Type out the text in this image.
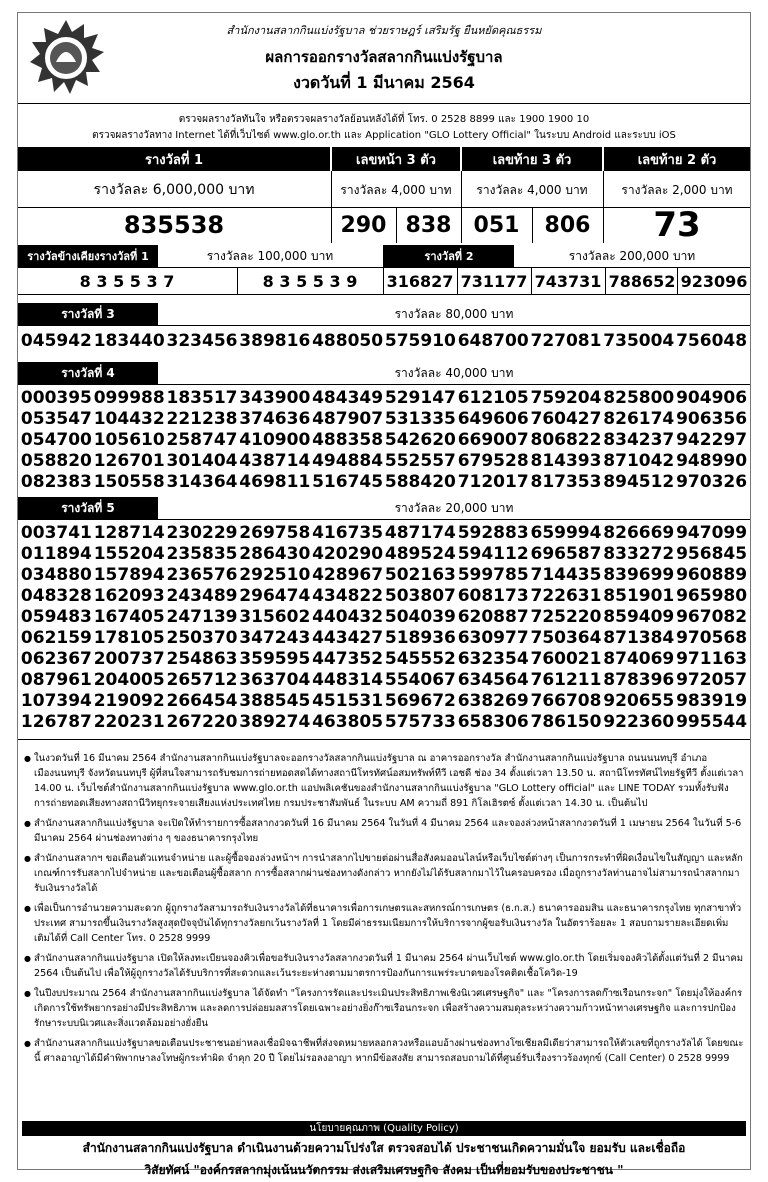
สำนักงานสลากกินแบ่งรัฐบาล ช่วยราษฎร์ เสริมรัฐ ยืนหยัดคุณธรรม
ผลการออกรางวัลสลากกินแบ่งรัฐบาล
งวดวันที่ 1 มีนาคม 2564
ตรวจผลรางวัลทันใจ หรือตรวจผลรางวัลย้อนหลังได้ที่ โทร. 0 2528 8899 และ 1900 1900 10
ตรวจผลรางวัลทาง Internet ได้ที่เว็บไซต์ www.glo.or.th และ Application "GLO Lottery Official" ในระบบ Android และระบบ iOS
รางวัลที่ 1	เลขหน้า 3 ตัว	เลขท้าย 3 ตัว	เลขท้าย 2 ตัว
รางวัลละ 6,000,000 บาท	รางวัลละ 4,000 บาท	รางวัลละ 4,000 บาท	รางวัลละ 2,000 บาท
835538	290 838	051	806	73
รางวัลข้างเคียงรางวัลที่ 1	รางวัลละ 100,000 บาท	รางวัลที่ 2	รางวัลละ 200,000 บาท
8 3 5 5 3 7	8 3 5 5 3 9	316827 731177 743731 788652 923096
รางวัลที่ 3	รางวัลละ 80,000 บาท
045942 183440 323456 389816 488050 575910 648700 727081 735004 756048
รางวัลที่ 4	รางวัลละ 40,000 บาท
000395 099988 183517 343900 484349 529147 612105 759204 825800 904906
053547 104432 221238 374636 487907 531335 649606 760427 826174 906356
054700 105610 258747 410900 488358 542620 669007 806822 834237 942297
058820 126701 301404 438714 494884 552557 679528 814393 871042 948990
082383 150558 314364 469811 516745 588420 712017 817353 894512 970326
รางวัลที่ 5	รางวัลละ 20,000 บาท
003741 128714 230229 269758 416735 487174 592883 659994 826669 947099
011894 155204 235835 286430 420290 489524 594112 696587 833272 956845
034880 157894 236576 292510 428967 502163 599785 714435 839699 960889
048328 162093 243489 296474 434822 503807 608173 722631 851901 965980
059483 167405 247139 315602 440432 504039 620887 725220 859409 967082
062159 178105 250370 347243 443427 518936 630977 750364 871384 970568
062367 200737 254863 359595 447352 545552 632354 760021 874069 971163
087961 204005 265712 363704 448314 554067 634564 761211 878396 972057
107394 219092 266454 388545 451531 569672 638269 766708 920655 983919
126787 220231 267220 389274 463805 575733 658306 786150 922360 995544
● ในงวดวันที่ 16 มีนาคม 2564 สำนักงานสลากกินแบ่งรัฐบาลจะออกรางวัลสลากกินแบ่งรัฐบาล ณ อาคารออกรางวัล สำนักงานสลากกินแบ่งรัฐบาล ถนนนนทบุรี อำเภอเมืองนนทบุรี จังหวัดนนทบุรี ผู้ที่สนใจสามารถรับชมการถ่ายทอดสดได้ทางสถานีโทรทัศน์อสมทรัพท์ทีวี เอชดี ช่อง 34 ตั้งแต่เวลา 13.50 น. สถานีโทรทัศน์ไทยรัฐทีวี ตั้งแต่เวลา 14.00 น. เว็บไซต์สำนักงานสลากกินแบ่งรัฐบาล www.glo.or.th แอปพลิเคชันของสำนักงานสลากกินแบ่งรัฐบาล "GLO Lottery official" และ LINE TODAY รวมทั้งรับฟังการถ่ายทอดเสียงทางสถานีวิทยุกระจายเสียงแห่งประเทศไทย กรมประชาสัมพันธ์ ในระบบ AM ความถี่ 891 กิโลเฮิรตซ์ ตั้งแต่เวลา 14.30 น. เป็นต้นไป
● สำนักงานสลากกินแบ่งรัฐบาล จะเปิดให้ทำรายการซื้อสลากงวดวันที่ 16 มีนาคม 2564 ในวันที่ 4 มีนาคม 2564 และจองล่วงหน้าสลากงวดวันที่ 1 เมษายน 2564 ในวันที่ 5-6 มีนาคม 2564 ผ่านช่องทางต่าง ๆ ของธนาคารกรุงไทย
● สำนักงานสลากฯ ขอเตือนตัวแทนจำหน่าย และผู้ซื้อจองล่วงหน้าฯ การนำสลากไปขายต่อผ่านสื่อสังคมออนไลน์หรือเว็บไซต์ต่างๆ เป็นการกระทำที่ผิดเงื่อนไขในสัญญา และหลักเกณฑ์การรับสลากไปจำหน่าย และขอเตือนผู้ซื้อสลาก การซื้อสลากผ่านช่องทางดังกล่าว หากยังไม่ได้รับสลากมาไว้ในครอบครอง เมื่อถูกรางวัลท่านอาจไม่สามารถนำสลากมารับเงินรางวัลได้
● เพื่อเป็นการอำนวยความสะดวก ผู้ถูกรางวัลสามารถรับเงินรางวัลได้ที่ธนาคารเพื่อการเกษตรและสหกรณ์การเกษตร (ธ.ก.ส.) ธนาคารออมสิน และธนาคารกรุงไทย ทุกสาขาทั่วประเทศ สามารถขึ้นเงินรางวัลสูงสุดปัจจุบันได้ทุกรางวัลยกเว้นรางวัลที่ 1 โดยมีค่าธรรมเนียมการให้บริการจากผู้ขอรับเงินรางวัล ในอัตราร้อยละ 1 สอบถามรายละเอียดเพิ่มเติมได้ที่ Call Center โทร. 0 2528 9999
● สำนักงานสลากกินแบ่งรัฐบาล เปิดให้ลงทะเบียนจองคิวเพื่อขอรับเงินรางวัลสลากงวดวันที่ 1 มีนาคม 2564 ผ่านเว็บไซต์ www.glo.or.th โดยเริ่มจองคิวได้ตั้งแต่วันที่ 2 มีนาคม 2564 เป็นต้นไป เพื่อให้ผู้ถูกรางวัลได้รับบริการที่สะดวกและเว้นระยะห่างตามมาตรการป้องกันการแพร่ระบาดของโรคติดเชื้อโควิด-19
● ในปีงบประมาณ 2564 สำนักงานสลากกินแบ่งรัฐบาล ได้จัดทำ "โครงการรัดและประเมินประสิทธิภาพเชิงนิเวศเศรษฐกิจ" และ "โครงการลดก๊าซเรือนกระจก" โดยมุ่งให้องค์กรเกิดการใช้ทรัพยากรอย่างมีประสิทธิภาพ และลดการปล่อยมลสารโดยเฉพาะอย่างยิ่งก๊าซเรือนกระจก เพื่อสร้างความสมดุลระหว่างความก้าวหน้าทางเศรษฐกิจ และการปกป้องรักษาระบบนิเวศและสิ่งแวดล้อมอย่างยั่งยืน
● สำนักงานสลากกินแบ่งรัฐบาลขอเตือนประชาชนอย่าหลงเชื่อมิจฉาชีพที่ส่งจดหมายหลอกลวงหรือแอบอ้างผ่านช่องทางโซเชียลมีเดียว่าสามารถให้ตัวเลขที่ถูกรางวัลได้ โดยขณะนี้ ศาลอาญาได้มีคำพิพากษาลงโทษผู้กระทำผิด จำคุก 20 ปี โดยไม่รอลงอาญา หากมีข้อสงสัย สามารถสอบถามได้ที่ศูนย์รับเรื่องราวร้องทุกข์ (Call Center) 0 2528 9999
นโยบายคุณภาพ (Quality Policy)
สำนักงานสลากกินแบ่งรัฐบาล ดำเนินงานด้วยความโปร่งใส ตรวจสอบได้ ประชาชนเกิดความมั่นใจ ยอมรับ และเชื่อถือ
วิสัยทัศน์ "องค์กรสลากมุ่งเน้นนวัตกรรม ส่งเสริมเศรษฐกิจ สังคม เป็นที่ยอมรับของประชาชน "
